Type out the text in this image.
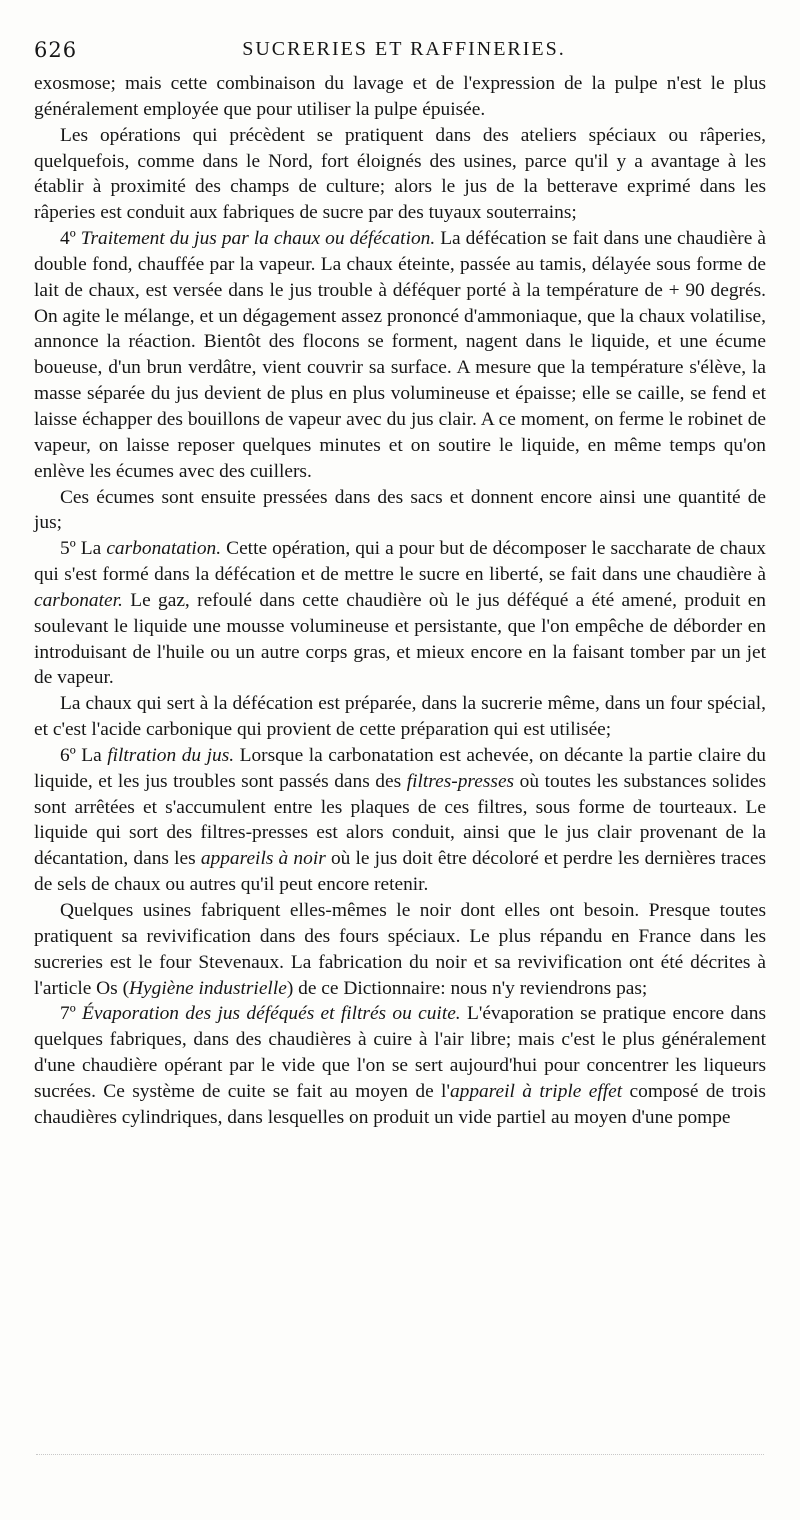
626	SUCRERIES ET RAFFINERIES.

exosmose; mais cette combinaison du lavage et de l'expression de la pulpe n'est le plus généralement employée que pour utiliser la pulpe épuisée.

Les opérations qui précèdent se pratiquent dans des ateliers spéciaux ou râperies, quelquefois, comme dans le Nord, fort éloignés des usines, parce qu'il y a avantage à les établir à proximité des champs de culture; alors le jus de la betterave exprimé dans les râperies est conduit aux fabriques de sucre par des tuyaux souterrains;

4º Traitement du jus par la chaux ou défécation. La défécation se fait dans une chaudière à double fond, chauffée par la vapeur. La chaux éteinte, passée au tamis, délayée sous forme de lait de chaux, est versée dans le jus trouble à déféquer porté à la température de + 90 degrés. On agite le mélange, et un dégagement assez prononcé d'ammoniaque, que la chaux volatilise, annonce la réaction. Bientôt des flocons se forment, nagent dans le liquide, et une écume boueuse, d'un brun verdâtre, vient couvrir sa surface. A mesure que la température s'élève, la masse séparée du jus devient de plus en plus volumineuse et épaisse; elle se caille, se fend et laisse échapper des bouillons de vapeur avec du jus clair. A ce moment, on ferme le robinet de vapeur, on laisse reposer quelques minutes et on soutire le liquide, en même temps qu'on enlève les écumes avec des cuillers.

Ces écumes sont ensuite pressées dans des sacs et donnent encore ainsi une quantité de jus;

5º La carbonatation. Cette opération, qui a pour but de décomposer le saccharate de chaux qui s'est formé dans la défécation et de mettre le sucre en liberté, se fait dans une chaudière à carbonater. Le gaz, refoulé dans cette chaudière où le jus déféqué a été amené, produit en soulevant le liquide une mousse volumineuse et persistante, que l'on empêche de déborder en introduisant de l'huile ou un autre corps gras, et mieux encore en la faisant tomber par un jet de vapeur.

La chaux qui sert à la défécation est préparée, dans la sucrerie même, dans un four spécial, et c'est l'acide carbonique qui provient de cette préparation qui est utilisée;

6º La filtration du jus. Lorsque la carbonatation est achevée, on décante la partie claire du liquide, et les jus troubles sont passés dans des filtres-presses où toutes les substances solides sont arrêtées et s'accumulent entre les plaques de ces filtres, sous forme de tourteaux. Le liquide qui sort des filtres-presses est alors conduit, ainsi que le jus clair provenant de la décantation, dans les appareils à noir où le jus doit être décoloré et perdre les dernières traces de sels de chaux ou autres qu'il peut encore retenir.

Quelques usines fabriquent elles-mêmes le noir dont elles ont besoin. Presque toutes pratiquent sa revivification dans des fours spéciaux. Le plus répandu en France dans les sucreries est le four Stevenaux. La fabrication du noir et sa revivification ont été décrites à l'article Os (Hygiène industrielle) de ce Dictionnaire: nous n'y reviendrons pas;

7º Évaporation des jus déféqués et filtrés ou cuite. L'évaporation se pratique encore dans quelques fabriques, dans des chaudières à cuire à l'air libre; mais c'est le plus généralement d'une chaudière opérant par le vide que l'on se sert aujourd'hui pour concentrer les liqueurs sucrées. Ce système de cuite se fait au moyen de l'appareil à triple effet composé de trois chaudières cylindriques, dans lesquelles on produit un vide partiel au moyen d'une pompe
